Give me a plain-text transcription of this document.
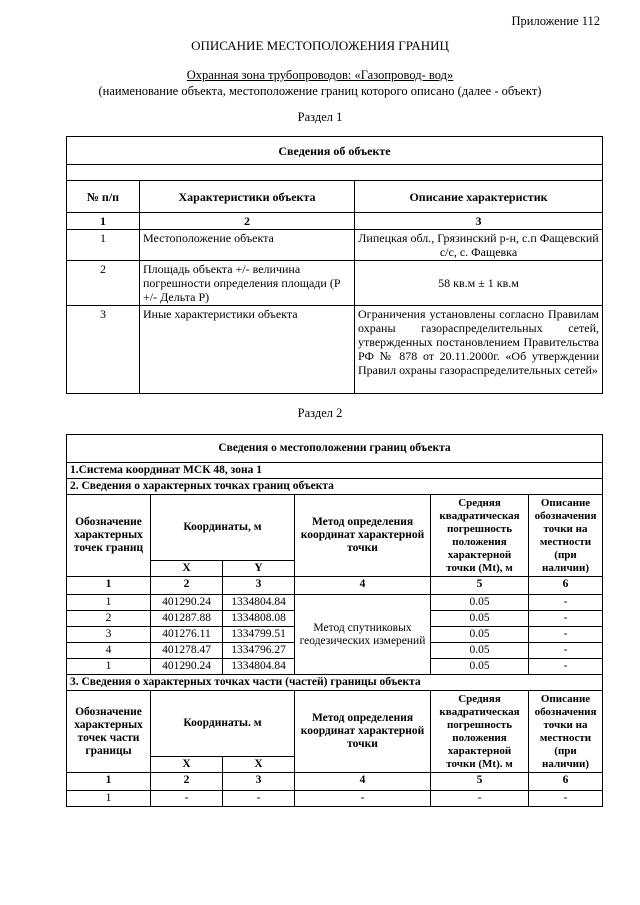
Приложение 112
ОПИСАНИЕ МЕСТОПОЛОЖЕНИЯ ГРАНИЦ
Охранная зона трубопроводов: «Газопровод- вод»
(наименование объекта, местоположение границ которого описано (далее - объект)
Раздел 1
Сведения об объекте		

№ п/п	Характеристики объекта	Описание характеристик
1	2	3
1	Местоположение объекта	Липецкая обл., Грязинский р-н, с.п Фащевский с/с, с. Фащевка
2	Площадь объекта +/- величина погрешности определения площади (Р +/- Дельта Р)	58 кв.м ± 1 кв.м
3	Иные характеристики объекта	Ограничения установлены согласно Правилам охраны газораспределительных сетей, утвержденных постановлением Правительства РФ № 878 от 20.11.2000г. «Об утверждении Правил охраны газораспределительных сетей»
Раздел 2
Сведения о местоположении границ объекта					
1.Система координат МСК 48, зона 1					
2. Сведения о характерных точках границ объекта					
Обозначение характерных точек границ	Координаты, м		Метод определения координат характерной точки	Средняя квадратическая погрешность положения характерной точки (Mt), м	Описание обозначения точки на местности (при наличии)
	X	Y			
1	2	3	4	5	6
1	401290.24	1334804.84	Метод спутниковых геодезических измерений	0.05	-
2	401287.88	1334808.08		0.05	-
3	401276.11	1334799.51		0.05	-
4	401278.47	1334796.27		0.05	-
1	401290.24	1334804.84		0.05	-
3. Сведения о характерных точках части (частей) границы объекта					
Обозначение характерных точек части границы	Координаты. м		Метод определения координат характерной точки	Средняя квадратическая погрешность положения характерной точки (Mt). м	Описание обозначения точки на местности (при наличии)
	X	X			
1	2	3	4	5	6
1	-	-	-	-	-
